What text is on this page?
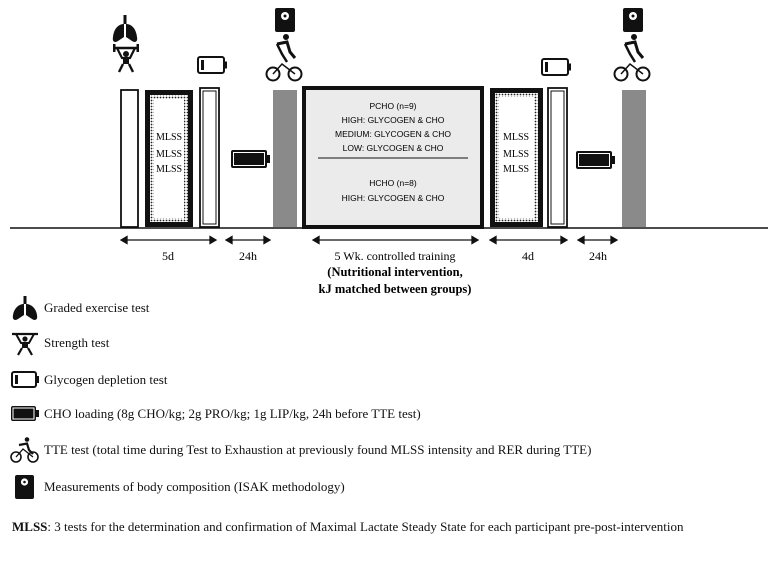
MLSS
MLSS
MLSS
PCHO (n=9)
HIGH: GLYCOGEN & CHO
MEDIUM: GLYCOGEN & CHO
LOW: GLYCOGEN & CHO
HCHO (n=8)
HIGH: GLYCOGEN & CHO
MLSS
MLSS
MLSS
5d	24h	5 Wk. controlled training
(Nutritional intervention,
kJ matched between groups)
4d	24h
Graded exercise test
Strength test
Glycogen depletion test
CHO loading (8g CHO/kg; 2g PRO/kg; 1g LIP/kg, 24h before TTE test)
TTE test (total time during Test to Exhaustion at previously found MLSS intensity and RER during TTE)
Measurements of body composition (ISAK methodology)
MLSS: 3 tests for the determination and confirmation of Maximal Lactate Steady State for each participant pre-post-intervention
